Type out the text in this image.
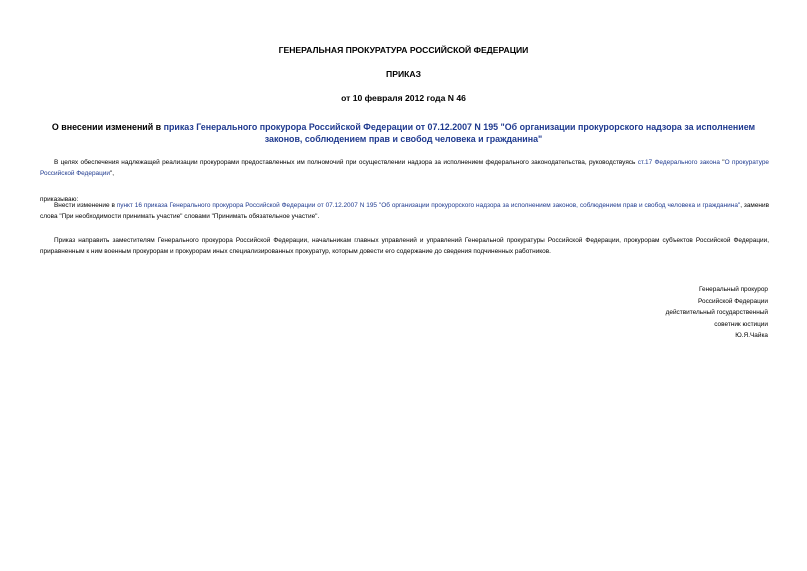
ГЕНЕРАЛЬНАЯ ПРОКУРАТУРА РОССИЙСКОЙ ФЕДЕРАЦИИ
ПРИКАЗ
от 10 февраля 2012 года N 46
О внесении изменений в приказ Генерального прокурора Российской Федерации от 07.12.2007 N 195 "Об организации прокурорского надзора за исполнением законов, соблюдением прав и свобод человека и гражданина"
В целях обеспечения надлежащей реализации прокурорами предоставленных им полномочий при осуществлении надзора за исполнением федерального законодательства, руководствуясь ст.17 Федерального закона "О прокуратуре Российской Федерации",
приказываю:
Внести изменение в пункт 16 приказа Генерального прокурора Российской Федерации от 07.12.2007 N 195 "Об организации прокурорского надзора за исполнением законов, соблюдением прав и свобод человека и гражданина", заменив слова "При необходимости принимать участие" словами "Принимать обязательное участие".
Приказ направить заместителям Генерального прокурора Российской Федерации, начальникам главных управлений и управлений Генеральной прокуратуры Российской Федерации, прокурорам субъектов Российской Федерации, приравненным к ним военным прокурорам и прокурорам иных специализированных прокуратур, которым довести его содержание до сведения подчиненных работников.
Генеральный прокурор
Российской Федерации
действительный государственный
советник юстиции
Ю.Я.Чайка
